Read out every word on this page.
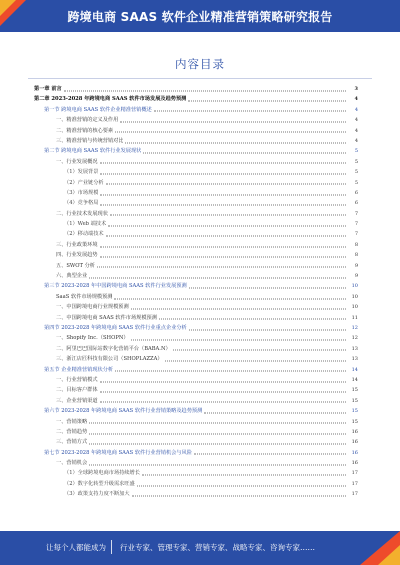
跨境电商 SAAS 软件企业精准营销策略研究报告
内容目录
第一章 前言	3
第二章 2023-2028 年跨境电商 SAAS 软件市场发展及趋势预测	4
第一节 跨境电商 SAAS 软件企业精准营销概述	4
一、精准营销的定义及作用	4
二、精准营销的核心要素	4
三、精准营销与传统营销对比	4
第二节 跨境电商 SAAS 软件行业发展现状	5
一、行业发展概况	5
（1）发展背景	5
（2）产业链分析	5
（3）市场规模	6
（4）竞争格局	6
二、行业技术发展现状	7
（1）Web 端技术	7
（2）移动端技术	7
三、行业政策环境	8
四、行业发展趋势	8
五、SWOT 分析	9
六、典型企业	9
第三节 2023-2028 年中国跨境电商 SAAS 软件行业发展预测	10
SaaS 软件市场规模预测	10
一、中国跨境电商行业规模预测	10
二、中国跨境电商 SAAS 软件市场规模预测	11
第四节 2023-2028 年跨境电商 SAAS 软件行业重点企业分析	12
一、Shopify Inc.（SHOPN）	12
二、阿里巴巴国际站数字化营销平台（BABA.N）	13
三、浙江店匠科技有限公司（SHOPLAZZA）	13
第五节 企业精准营销现状分析	14
一、行业营销模式	14
二、目标客户群体	15
三、企业营销渠道	15
第六节 2023-2028 年跨境电商 SAAS 软件行业营销策略及趋势预测	15
一、营销策略	15
二、营销趋势	16
三、营销方式	16
第七节 2023-2028 年跨境电商 SAAS 软件行业营销机会与风险	16
一、营销机会	16
（1）全球跨境电商市场持续增长	17
（2）数字化转型升级需求旺盛	17
（3）政策支持力度不断加大	17
让每个人都能成为 行业专家、管理专家、营销专家、战略专家、咨询专家……
